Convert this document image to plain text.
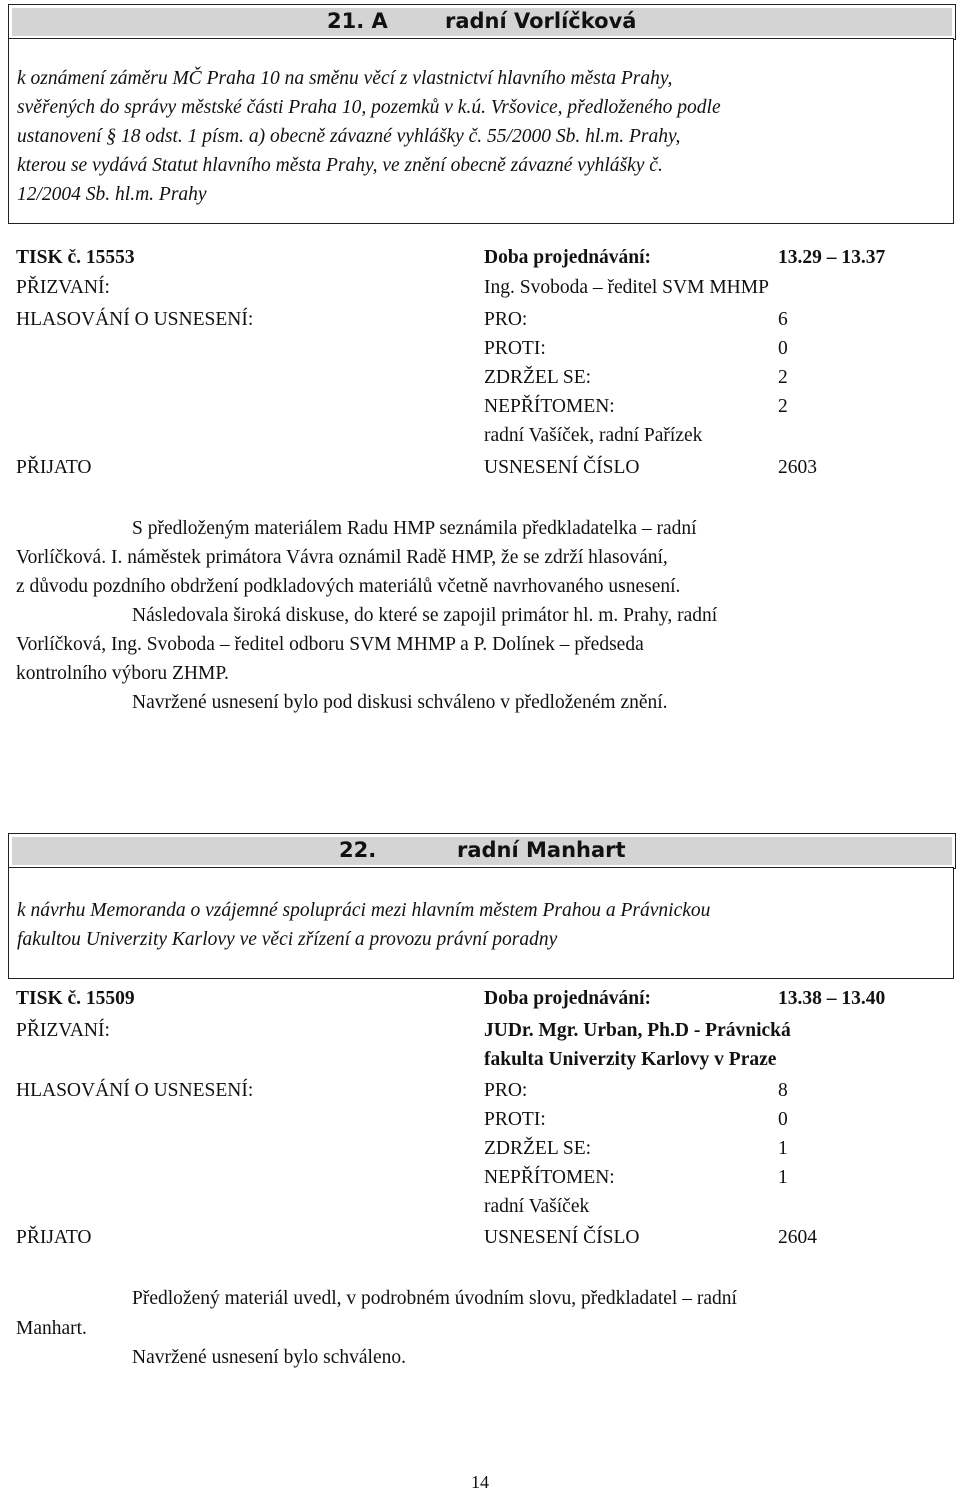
21. A	radní Vorlíčková
k oznámení záměru MČ Praha 10 na směnu věcí z vlastnictví hlavního města Prahy,
svěřených do správy městské části Praha 10, pozemků v k.ú. Vršovice, předloženého podle
ustanovení § 18 odst. 1 písm. a) obecně závazné vyhlášky č. 55/2000 Sb. hl.m. Prahy,
kterou se vydává Statut hlavního města Prahy, ve znění obecně závazné vyhlášky č.
12/2004 Sb. hl.m. Prahy
TISK č. 15553	Doba projednávání:	13.29 – 13.37
PŘIZVANÍ:	Ing. Svoboda – ředitel SVM MHMP
HLASOVÁNÍ O USNESENÍ:	PRO:	6
PROTI:	0
ZDRŽEL SE:	2
NEPŘÍTOMEN:	2
radní Vašíček, radní Pařízek
PŘIJATO	USNESENÍ ČÍSLO	2603
S předloženým materiálem Radu HMP seznámila předkladatelka – radní
Vorlíčková. I. náměstek primátora Vávra oznámil Radě HMP, že se zdrží hlasování,
z důvodu pozdního obdržení podkladových materiálů včetně navrhovaného usnesení.
Následovala široká diskuse, do které se zapojil primátor hl. m. Prahy, radní
Vorlíčková, Ing. Svoboda – ředitel odboru SVM MHMP a P. Dolínek – předseda
kontrolního výboru ZHMP.
Navržené usnesení bylo pod diskusi schváleno v předloženém znění.
22.	radní Manhart
k návrhu Memoranda o vzájemné spolupráci mezi hlavním městem Prahou a Právnickou
fakultou Univerzity Karlovy ve věci zřízení a provozu právní poradny
TISK č. 15509	Doba projednávání:	13.38 – 13.40
PŘIZVANÍ:	JUDr. Mgr. Urban, Ph.D - Právnická
fakulta Univerzity Karlovy v Praze
HLASOVÁNÍ O USNESENÍ:	PRO:	8
PROTI:	0
ZDRŽEL SE:	1
NEPŘÍTOMEN:	1
radní Vašíček
PŘIJATO	USNESENÍ ČÍSLO	2604
Předložený materiál uvedl, v podrobném úvodním slovu, předkladatel – radní
Manhart.
Navržené usnesení bylo schváleno.
14
